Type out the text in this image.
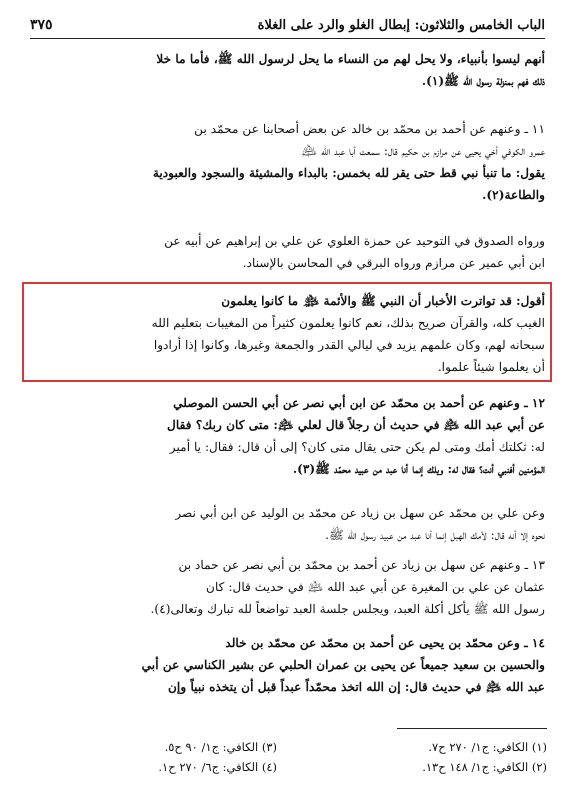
الباب الخامس والثلاثون: إبطال الغلو والرد على الغلاة
٣٧٥
أنهم ليسوا بأنبياء، ولا يحل لهم من النساء ما يحل لرسول الله ﷺ، فأما ما خلا
ذلك فهم بمنزلة رسول الله ﷺ(١).
١١ ـ وعنهم عن أحمد بن محمّد بن خالد عن بعض أصحابنا عن محمّد بن
عمرو الكوفي أخي يحيى عن مرازم بن حكيم قال: سمعت أبا عبد الله ﵇
يقول: ما تنبأ نبي قط حتى يقر لله بخمس: بالبداء والمشيئة والسجود والعبودية
والطاعة(٢).
ورواه الصدوق في التوحيد عن حمزة العلوي عن علي بن إبراهيم عن أبيه عن
ابن أبي عمير عن مرازم ورواه البرقي في المحاسن بالإسناد.
أقول: قد تواترت الأخبار أن النبي ﷺ والأئمة ﵈ ما كانوا يعلمون
الغيب كله، والقرآن صريح بذلك، نعم كانوا يعلمون كثيراً من المغيبات بتعليم الله
سبحانه لهم، وكان علمهم يزيد في ليالي القدر والجمعة وغيرها، وكانوا إذا أرادوا
أن يعلموا شيئاً علموا.
١٢ ـ وعنهم عن أحمد بن محمّد عن ابن أبي نصر عن أبي الحسن الموصلي
عن أبي عبد الله ﵇ في حديث أن رجلاً قال لعلي ﵇: متى كان ربك؟ فقال
له: ثكلتك أمك ومتى لم يكن حتى يقال متى كان؟ إلى أن قال: فقال: يا أمير
المؤمنين أفنبي أنت؟ فقال له: ويلك إنما أنا عبد من عبيد محمّد ﷺ(٣).
وعن علي بن محمّد عن سهل بن زياد عن محمّد بن الوليد عن ابن أبي نصر
نحوه إلا أنه قال: لأمك الهبل إنما أنا عبد من عبيد رسول الله ﷺ.
١٣ ـ وعنهم عن سهل بن زياد عن أحمد بن محمّد بن أبي نصر عن حماد بن
عثمان عن علي بن المغيرة عن أبي عبد الله ﵇ في حديث قال: كان
رسول الله ﷺ يأكل أكلة العبد، ويجلس جلسة العبد تواضعاً لله تبارك وتعالى(٤).
١٤ ـ وعن محمّد بن يحيى عن أحمد بن محمّد عن محمّد بن خالد
والحسين بن سعيد جميعاً عن يحيى بن عمران الحلبي عن بشير الكناسي عن أبي
عبد الله ﵇ في حديث قال: إن الله اتخذ محمّداً عبداً قبل أن يتخذه نبياً وإن
(١) الكافي: ج١/ ٢٧٠ ح٧.
(٢) الكافي: ج١/ ١٤٨ ح١٣.
(٣) الكافي: ج١/ ٩٠ ح٥.
(٤) الكافي: ج٦/ ٢٧٠ ح١.
